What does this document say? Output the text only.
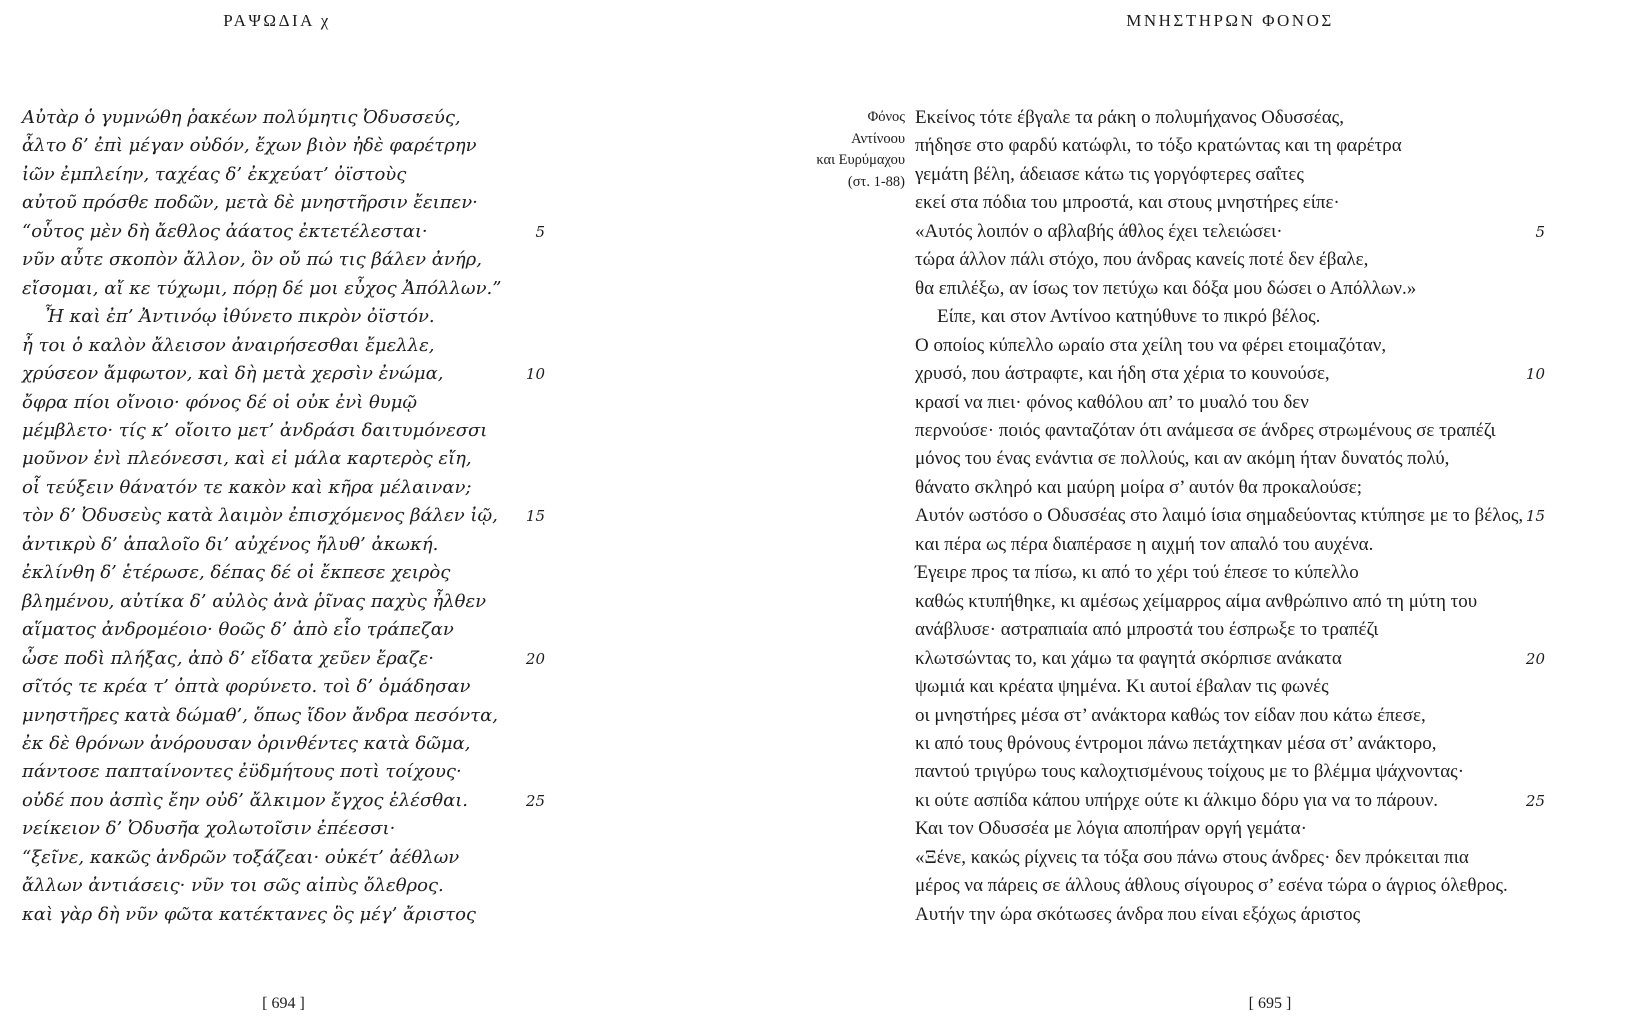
ΡΑΨΩΔΙΑ χ
Αὐτὰρ ὁ γυμνώθη ῥακέων πολύμητις Ὀδυσσεύς,
ἆλτο δ’ ἐπὶ μέγαν οὐδόν, ἔχων βιὸν ἠδὲ φαρέτρην
ἰῶν ἐμπλείην, ταχέας δ’ ἐκχεύατ’ ὀϊστοὺς
αὐτοῦ πρόσθε ποδῶν, μετὰ δὲ μνηστῆρσιν ἔειπεν·
“οὗτος μὲν δὴ ἄεθλος ἀάατος ἐκτετέλεσται·	5
νῦν αὖτε σκοπὸν ἄλλον, ὃν οὔ πώ τις βάλεν ἀνήρ,
εἴσομαι, αἴ κε τύχωμι, πόρῃ δέ μοι εὖχος Ἀπόλλων.”
Ἦ καὶ ἐπ’ Ἀντινόῳ ἰθύνετο πικρὸν ὀϊστόν.
ἦ τοι ὁ καλὸν ἄλεισον ἀναιρήσεσθαι ἔμελλε,
χρύσεον ἄμφωτον, καὶ δὴ μετὰ χερσὶν ἐνώμα,	10
ὄφρα πίοι οἴνοιο· φόνος δέ οἱ οὐκ ἐνὶ θυμῷ
μέμβλετο· τίς κ’ οἴοιτο μετ’ ἀνδράσι δαιτυμόνεσσι
μοῦνον ἐνὶ πλεόνεσσι, καὶ εἰ μάλα καρτερὸς εἴη,
οἷ τεύξειν θάνατόν τε κακὸν καὶ κῆρα μέλαιναν;
τὸν δ’ Ὀδυσεὺς κατὰ λαιμὸν ἐπισχόμενος βάλεν ἰῷ, 15
ἀντικρὺ δ’ ἁπαλοῖο δι’ αὐχένος ἤλυθ’ ἀκωκή.
ἐκλίνθη δ’ ἑτέρωσε, δέπας δέ οἱ ἔκπεσε χειρὸς
βλημένου, αὐτίκα δ’ αὐλὸς ἀνὰ ῥῖνας παχὺς ἦλθεν
αἵματος ἀνδρομέοιο· θοῶς δ’ ἀπὸ εἷο τράπεζαν
ὦσε ποδὶ πλήξας, ἀπὸ δ’ εἴδατα χεῦεν ἔραζε·	20
σῖτός τε κρέα τ’ ὀπτὰ φορύνετο. τοὶ δ’ ὁμάδησαν
μνηστῆρες κατὰ δώμαθ’, ὅπως ἴδον ἄνδρα πεσόντα,
ἐκ δὲ θρόνων ἀνόρουσαν ὀρινθέντες κατὰ δῶμα,
πάντοσε παπταίνοντες ἐϋδμήτους ποτὶ τοίχους·
οὐδέ που ἀσπὶς ἔην οὐδ’ ἄλκιμον ἔγχος ἑλέσθαι.	25
νείκειον δ’ Ὀδυσῆα χολωτοῖσιν ἐπέεσσι·
“ξεῖνε, κακῶς ἀνδρῶν τοξάζεαι· οὐκέτ’ ἀέθλων
ἄλλων ἀντιάσεις· νῦν τοι σῶς αἰπὺς ὄλεθρος.
καὶ γὰρ δὴ νῦν φῶτα κατέκτανες ὃς μέγ’ ἄριστος
[ 694 ]
ΜΝΗΣΤΗΡΩΝ ΦΟΝΟΣ
Φόνος
Αντίνοου
και Ευρύμαχου
(στ. 1-88)
Εκείνος τότε έβγαλε τα ράκη ο πολυμήχανος Οδυσσέας,
πήδησε στο φαρδύ κατώφλι, το τόξο κρατώντας και τη φαρέτρα
γεμάτη βέλη, άδειασε κάτω τις γοργόφτερες σαΐτες
εκεί στα πόδια του μπροστά, και στους μνηστήρες είπε·
«Αυτός λοιπόν ο αβλαβής άθλος έχει τελειώσει·	5
τώρα άλλον πάλι στόχο, που άνδρας κανείς ποτέ δεν έβαλε,
θα επιλέξω, αν ίσως τον πετύχω και δόξα μου δώσει ο Απόλλων.»
Είπε, και στον Αντίνοο κατηύθυνε το πικρό βέλος.
Ο οποίος κύπελλο ωραίο στα χείλη του να φέρει ετοιμαζόταν,
χρυσό, που άστραφτε, και ήδη στα χέρια το κουνούσε,	10
κρασί να πιει· φόνος καθόλου απ’ το μυαλό του δεν
περνούσε· ποιός φανταζόταν ότι ανάμεσα σε άνδρες στρωμένους σε τραπέζι
μόνος του ένας ενάντια σε πολλούς, και αν ακόμη ήταν δυνατός πολύ,
θάνατο σκληρό και μαύρη μοίρα σ’ αυτόν θα προκαλούσε;
Αυτόν ωστόσο ο Οδυσσέας στο λαιμό ίσια σημαδεύοντας κτύπησε με το βέλος, 15
και πέρα ως πέρα διαπέρασε η αιχμή τον απαλό του αυχένα.
Έγειρε προς τα πίσω, κι από το χέρι τού έπεσε το κύπελλο
καθώς κτυπήθηκε, κι αμέσως χείμαρρος αίμα ανθρώπινο από τη μύτη του
ανάβλυσε· αστραπιαία από μπροστά του έσπρωξε το τραπέζι
κλωτσώντας το, και χάμω τα φαγητά σκόρπισε ανάκατα	20
ψωμιά και κρέατα ψημένα. Κι αυτοί έβαλαν τις φωνές
οι μνηστήρες μέσα στ’ ανάκτορα καθώς τον είδαν που κάτω έπεσε,
κι από τους θρόνους έντρομοι πάνω πετάχτηκαν μέσα στ’ ανάκτορο,
παντού τριγύρω τους καλοχτισμένους τοίχους με το βλέμμα ψάχνοντας·
κι ούτε ασπίδα κάπου υπήρχε ούτε κι άλκιμο δόρυ για να το πάρουν.	25
Και τον Οδυσσέα με λόγια αποπήραν οργή γεμάτα·
«Ξένε, κακώς ρίχνεις τα τόξα σου πάνω στους άνδρες· δεν πρόκειται πια
μέρος να πάρεις σε άλλους άθλους σίγουρος σ’ εσένα τώρα ο άγριος όλεθρος.
Αυτήν την ώρα σκότωσες άνδρα που είναι εξόχως άριστος
[ 695 ]
